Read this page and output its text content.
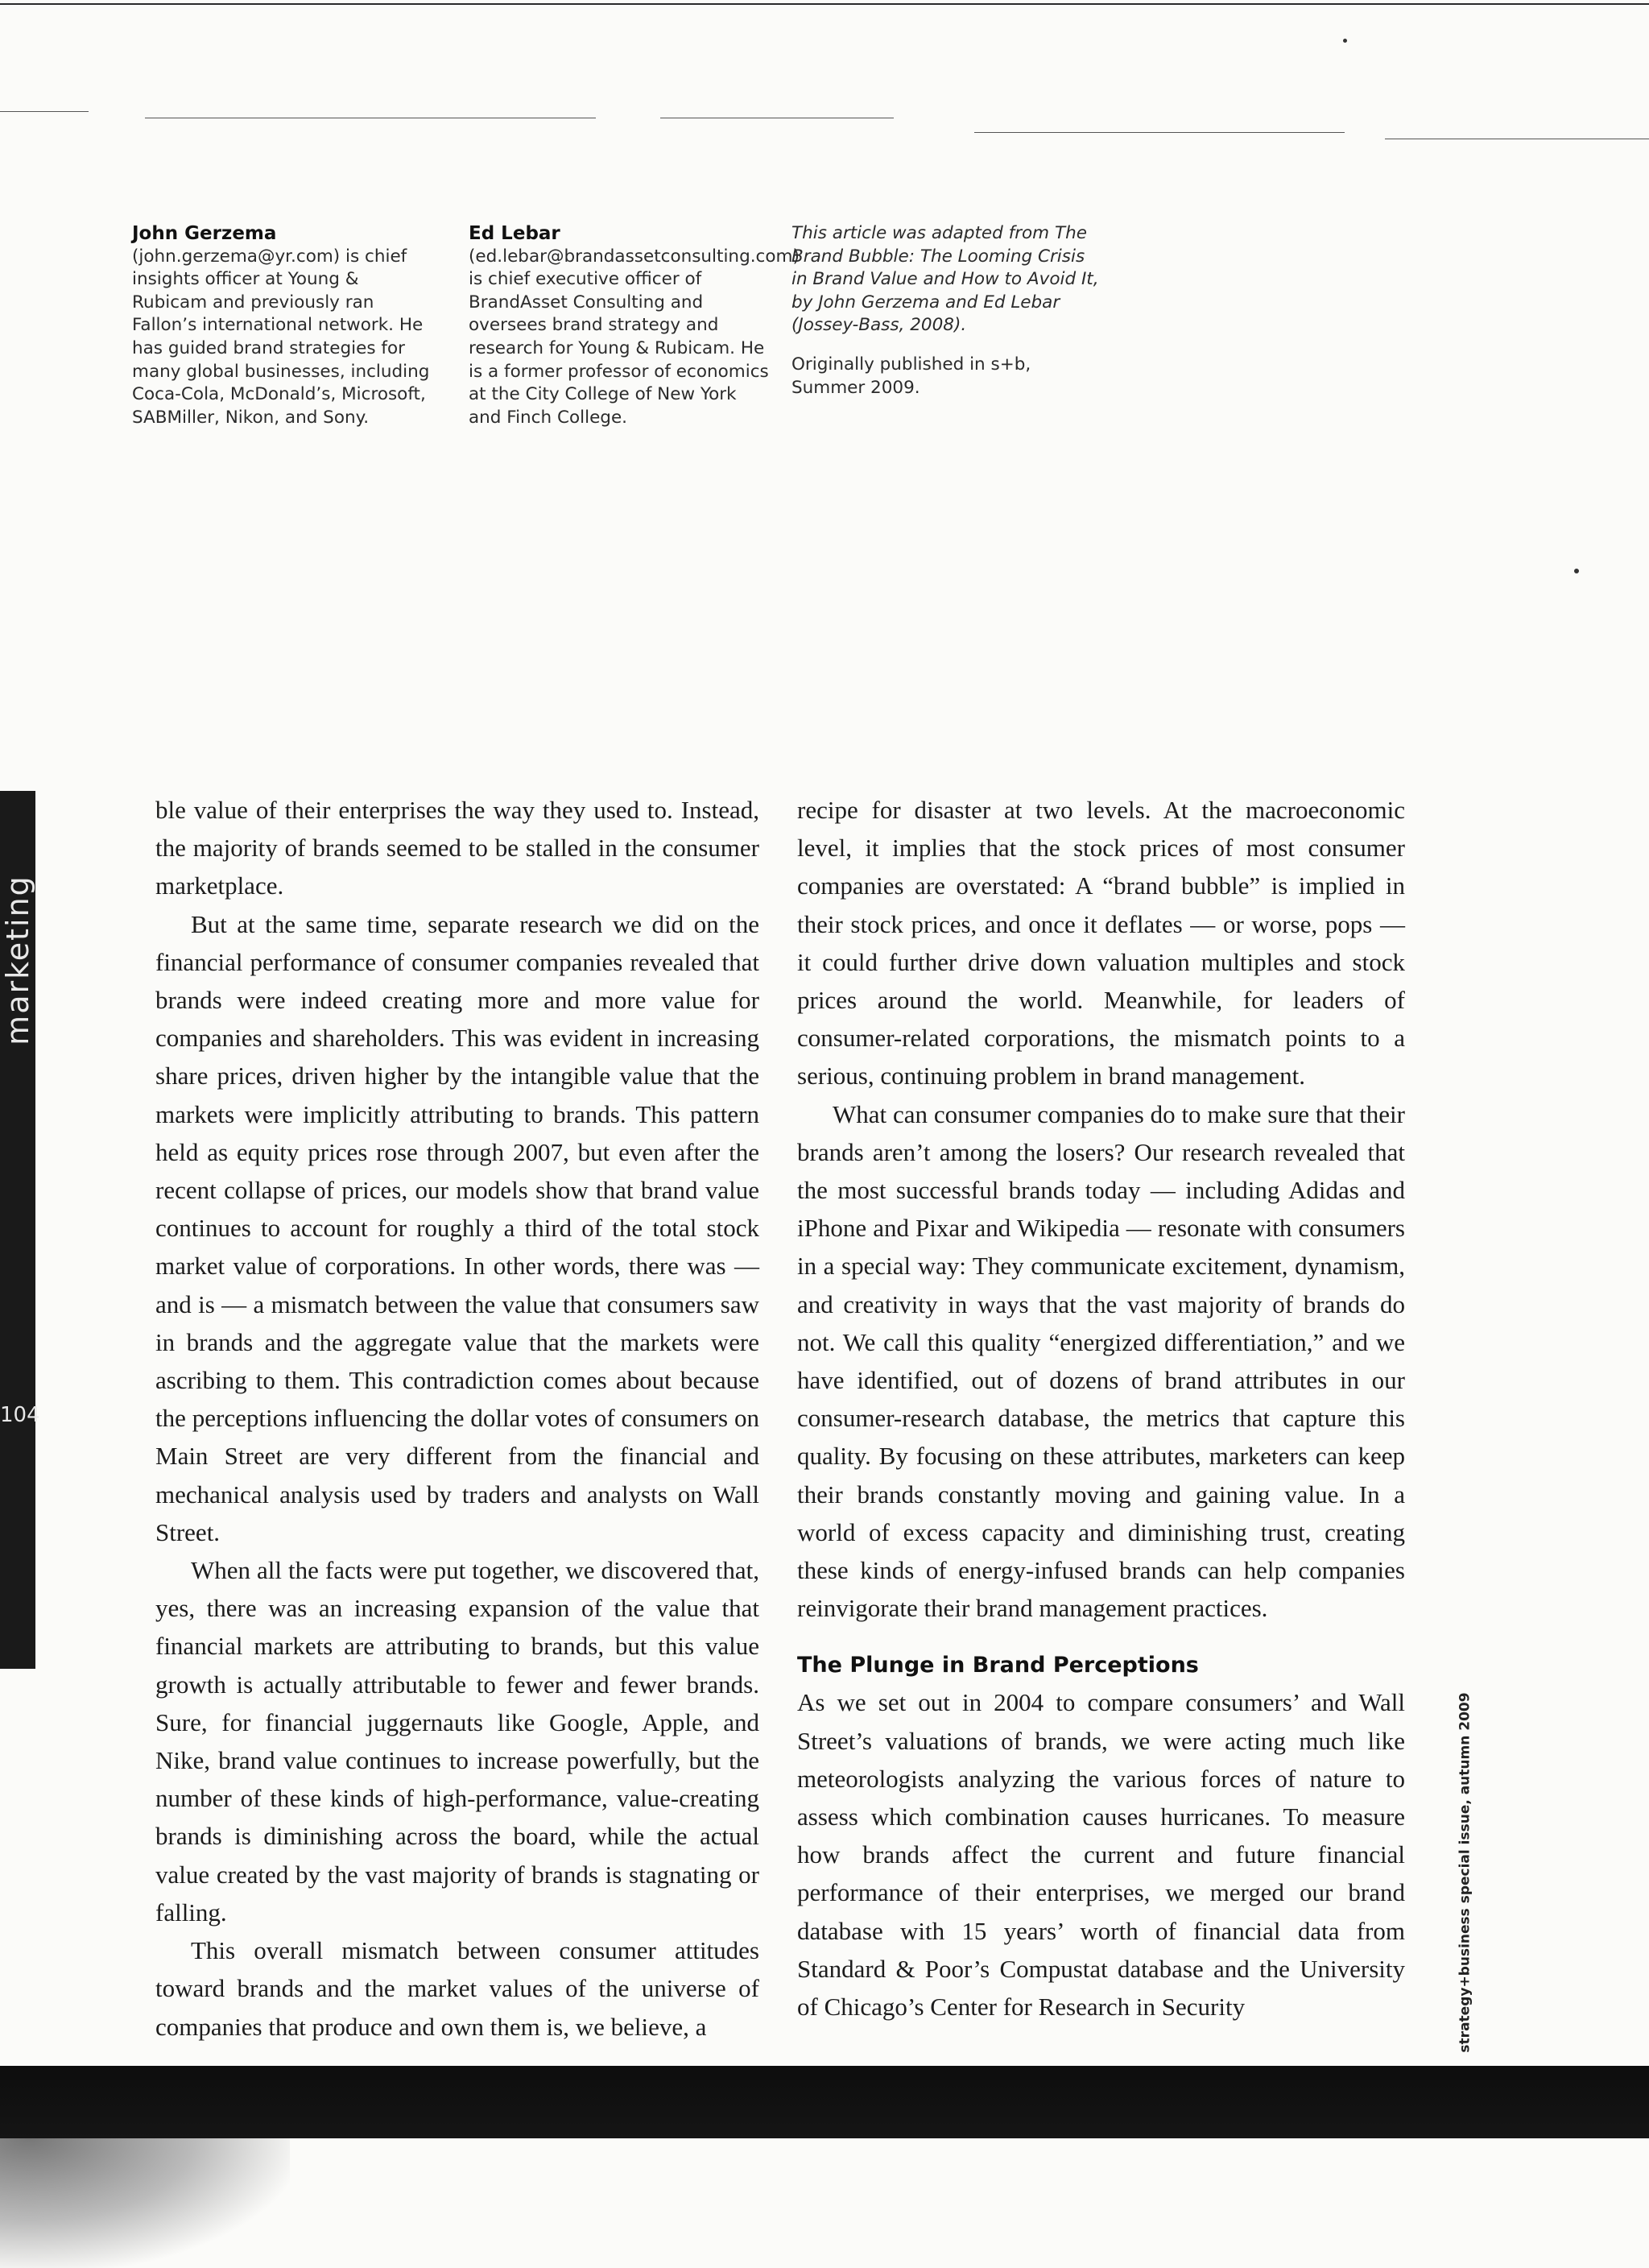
John Gerzema
(john.gerzema@yr.com) is chief insights officer at Young & Rubicam and previously ran Fallon’s international network. He has guided brand strategies for many global businesses, including Coca-Cola, McDonald’s, Microsoft, SABMiller, Nikon, and Sony.
Ed Lebar
(ed.lebar@brandassetconsulting.com) is chief executive officer of BrandAsset Consulting and oversees brand strategy and research for Young & Rubicam. He is a former professor of economics at the City College of New York and Finch College.

This article was adapted from The Brand Bubble: The Looming Crisis in Brand Value and How to Avoid It, by John Gerzema and Ed Lebar (Jossey-Bass, 2008).

Originally published in s+b, Summer 2009.

marketing
104
strategy+business special issue, autumn 2009

ble value of their enterprises the way they used to. Instead, the majority of brands seemed to be stalled in the consumer marketplace.

But at the same time, separate research we did on the financial performance of consumer companies revealed that brands were indeed creating more and more value for companies and shareholders. This was evident in increasing share prices, driven higher by the intangible value that the markets were implicitly attributing to brands. This pattern held as equity prices rose through 2007, but even after the recent collapse of prices, our models show that brand value continues to account for roughly a third of the total stock market value of corporations. In other words, there was — and is — a mismatch between the value that consumers saw in brands and the aggregate value that the markets were ascribing to them. This contradiction comes about because the perceptions influencing the dollar votes of consumers on Main Street are very different from the financial and mechanical analysis used by traders and analysts on Wall Street.

When all the facts were put together, we discovered that, yes, there was an increasing expansion of the value that financial markets are attributing to brands, but this value growth is actually attributable to fewer and fewer brands. Sure, for financial juggernauts like Google, Apple, and Nike, brand value continues to increase powerfully, but the number of these kinds of high-performance, value-creating brands is diminishing across the board, while the actual value created by the vast majority of brands is stagnating or falling.

This overall mismatch between consumer attitudes toward brands and the market values of the universe of companies that produce and own them is, we believe, a

recipe for disaster at two levels. At the macroeconomic level, it implies that the stock prices of most consumer companies are overstated: A “brand bubble” is implied in their stock prices, and once it deflates — or worse, pops — it could further drive down valuation multiples and stock prices around the world. Meanwhile, for leaders of consumer-related corporations, the mismatch points to a serious, continuing problem in brand management.

What can consumer companies do to make sure that their brands aren’t among the losers? Our research revealed that the most successful brands today — including Adidas and iPhone and Pixar and Wikipedia — resonate with consumers in a special way: They communicate excitement, dynamism, and creativity in ways that the vast majority of brands do not. We call this quality “energized differentiation,” and we have identified, out of dozens of brand attributes in our consumer-research database, the metrics that capture this quality. By focusing on these attributes, marketers can keep their brands constantly moving and gaining value. In a world of excess capacity and diminishing trust, creating these kinds of energy-infused brands can help companies reinvigorate their brand management practices.

The Plunge in Brand Perceptions

As we set out in 2004 to compare consumers’ and Wall Street’s valuations of brands, we were acting much like meteorologists analyzing the various forces of nature to assess which combination causes hurricanes. To measure how brands affect the current and future financial performance of their enterprises, we merged our brand database with 15 years’ worth of financial data from Standard & Poor’s Compustat database and the University of Chicago’s Center for Research in Security
